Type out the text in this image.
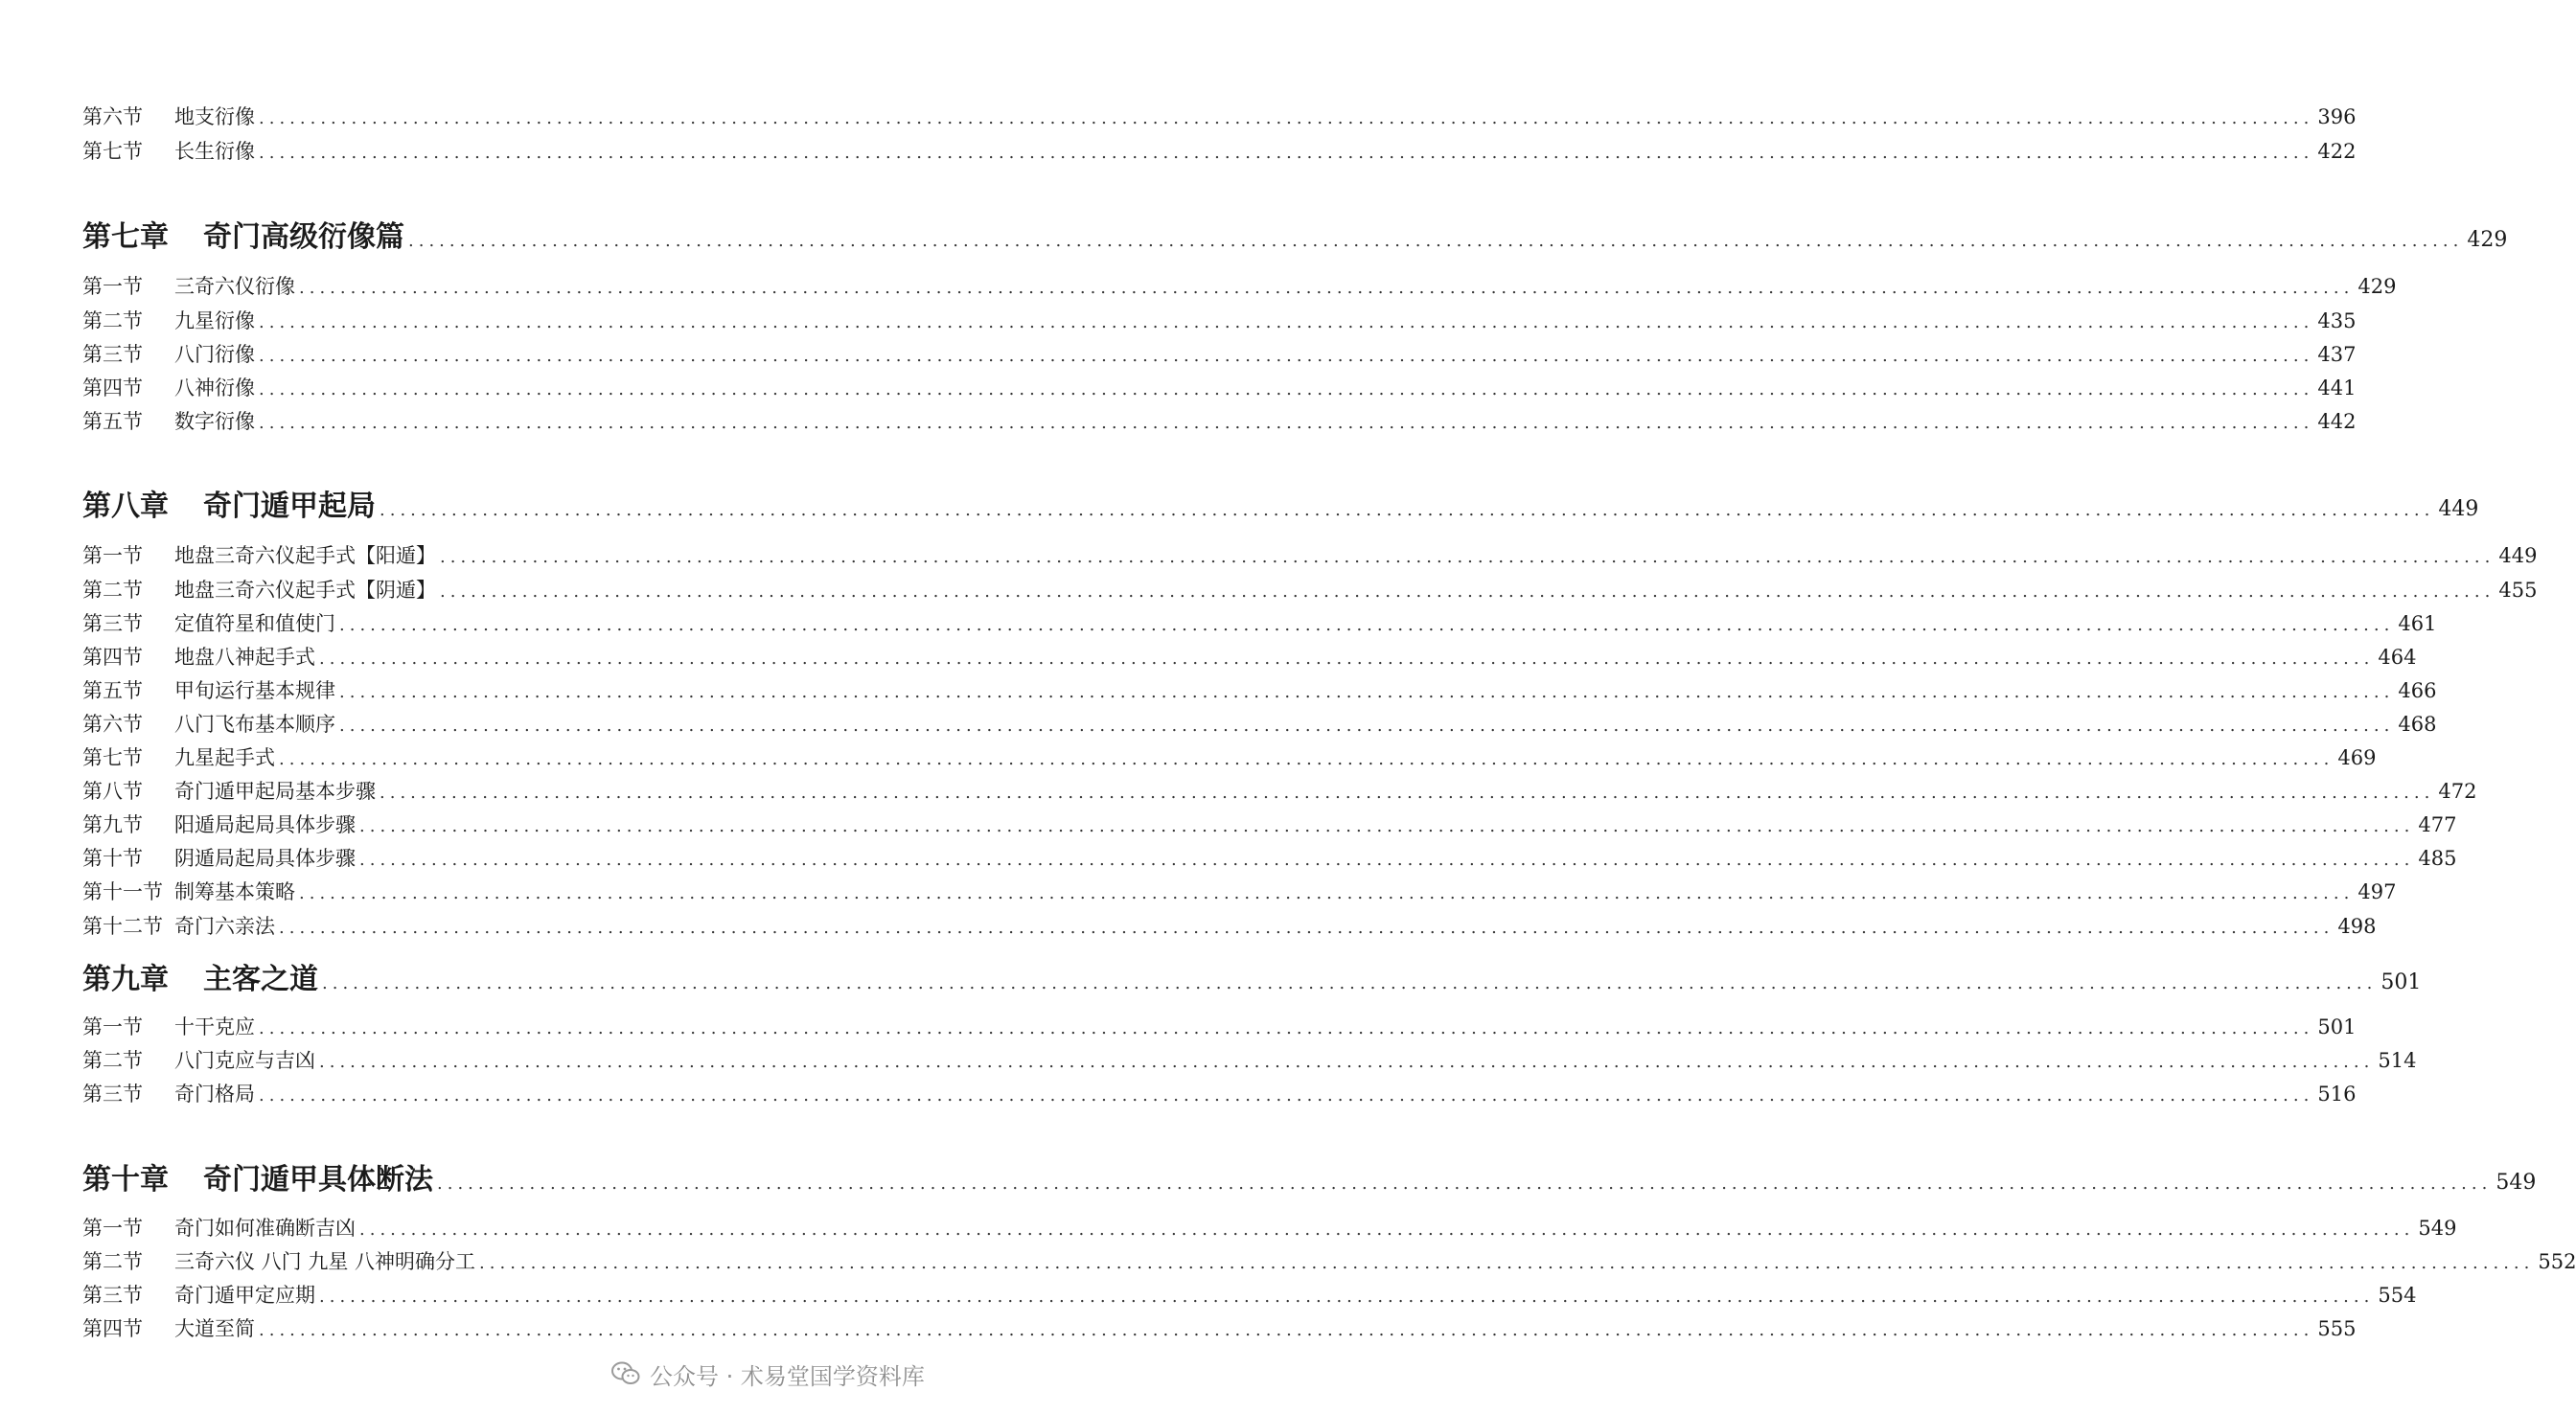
第六节	地支衍像 ........................................................................................................................................................................................................ 396
第七节	长生衍像 ........................................................................................................................................................................................................ 422
第七章	奇门高级衍像篇 ........................................................................................................................................................................................................ 429
第一节	三奇六仪衍像 ........................................................................................................................................................................................................ 429
第二节	九星衍像 ........................................................................................................................................................................................................ 435
第三节	八门衍像 ........................................................................................................................................................................................................ 437
第四节	八神衍像 ........................................................................................................................................................................................................ 441
第五节	数字衍像 ........................................................................................................................................................................................................ 442
第八章	奇门遁甲起局 ........................................................................................................................................................................................................ 449
第一节	地盘三奇六仪起手式【阳遁】 ........................................................................................................................................................................................................ 449
第二节	地盘三奇六仪起手式【阴遁】 ........................................................................................................................................................................................................ 455
第三节	定值符星和值使门 ........................................................................................................................................................................................................ 461
第四节	地盘八神起手式 ........................................................................................................................................................................................................ 464
第五节	甲旬运行基本规律 ........................................................................................................................................................................................................ 466
第六节	八门飞布基本顺序 ........................................................................................................................................................................................................ 468
第七节	九星起手式 ........................................................................................................................................................................................................ 469
第八节	奇门遁甲起局基本步骤 ........................................................................................................................................................................................................ 472
第九节	阳遁局起局具体步骤 ........................................................................................................................................................................................................ 477
第十节	阴遁局起局具体步骤 ........................................................................................................................................................................................................ 485
第十一节 制筹基本策略 ........................................................................................................................................................................................................ 497
第十二节 奇门六亲法 ........................................................................................................................................................................................................ 498
第九章	主客之道 ........................................................................................................................................................................................................ 501
第一节	十干克应 ........................................................................................................................................................................................................ 501
第二节	八门克应与吉凶 ........................................................................................................................................................................................................ 514
第三节	奇门格局 ........................................................................................................................................................................................................ 516
第十章	奇门遁甲具体断法 ........................................................................................................................................................................................................ 549
第一节	奇门如何准确断吉凶 ........................................................................................................................................................................................................ 549
第二节	三奇六仪 八门 九星 八神明确分工 ........................................................................................................................................................................................................ 552
第三节	奇门遁甲定应期 ........................................................................................................................................................................................................ 554
第四节	大道至简 ........................................................................................................................................................................................................ 555
公众号 · 术易堂国学资料库
